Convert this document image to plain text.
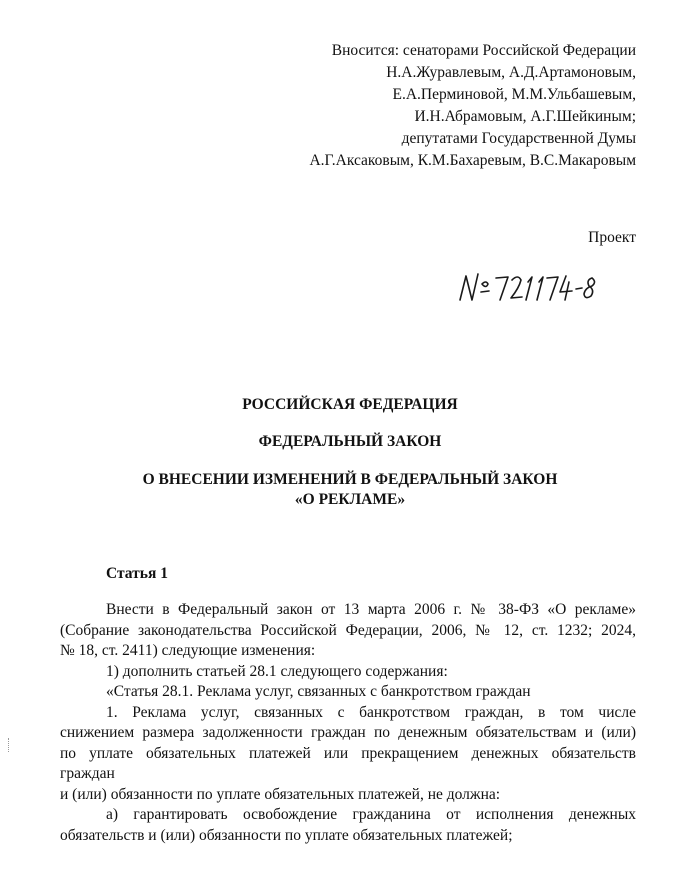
Вносится: сенаторами Российской Федерации
Н.А.Журавлевым, А.Д.Артамоновым,
Е.А.Перминовой, М.М.Ульбашевым,
И.Н.Абрамовым, А.Г.Шейкиным;
депутатами Государственной Думы
А.Г.Аксаковым, К.М.Бахаревым, В.С.Макаровым
Проект
РОССИЙСКАЯ ФЕДЕРАЦИЯ
ФЕДЕРАЛЬНЫЙ ЗАКОН
О ВНЕСЕНИИ ИЗМЕНЕНИЙ В ФЕДЕРАЛЬНЫЙ ЗАКОН
«О РЕКЛАМЕ»
Статья 1
Внести в Федеральный закон от 13 марта 2006 г. № 38-ФЗ «О рекламе»
(Собрание законодательства Российской Федерации, 2006, № 12, ст. 1232; 2024,
№ 18, ст. 2411) следующие изменения:
1) дополнить статьей 28.1 следующего содержания:
«Статья 28.1. Реклама услуг, связанных с банкротством граждан
1. Реклама услуг, связанных с банкротством граждан, в том числе
снижением размера задолженности граждан по денежным обязательствам и (или)
по уплате обязательных платежей или прекращением денежных обязательств
граждан
и (или) обязанности по уплате обязательных платежей, не должна:
а) гарантировать освобождение гражданина от исполнения денежных
обязательств и (или) обязанности по уплате обязательных платежей;
